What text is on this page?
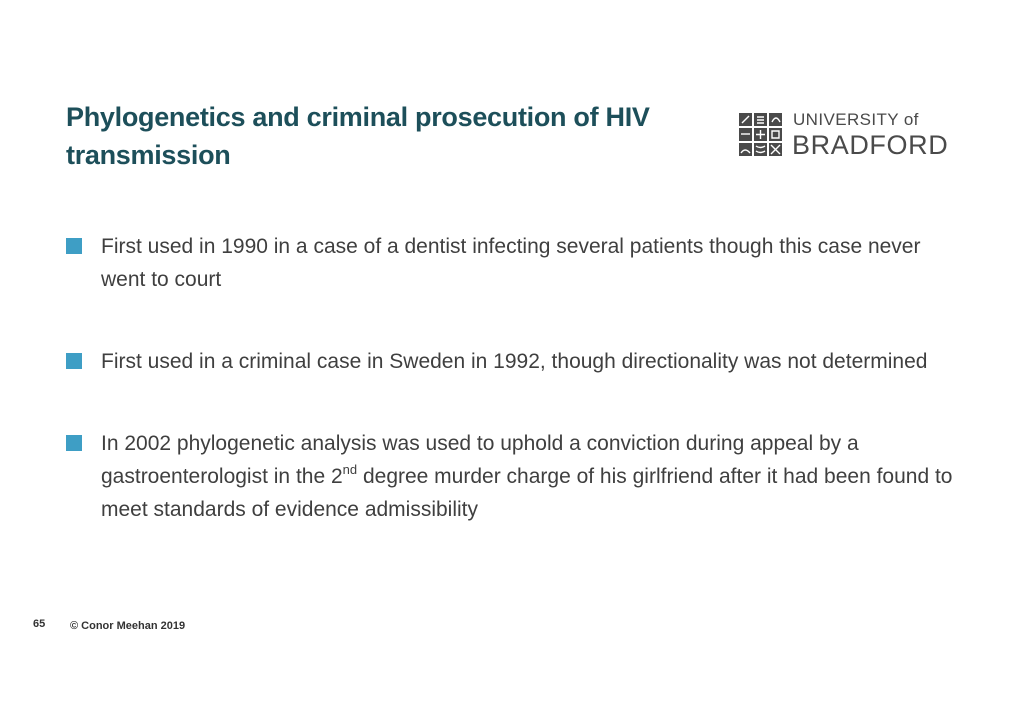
Phylogenetics and criminal prosecution of HIV transmission
UNIVERSITY of
BRADFORD
First used in 1990 in a case of a dentist infecting several patients though this case never went to court
First used in a criminal case in Sweden in 1992, though directionality was not determined
In 2002 phylogenetic analysis was used to uphold a conviction during appeal by a gastroenterologist in the 2nd degree murder charge of his girlfriend after it had been found to meet standards of evidence admissibility
65 © Conor Meehan 2019
